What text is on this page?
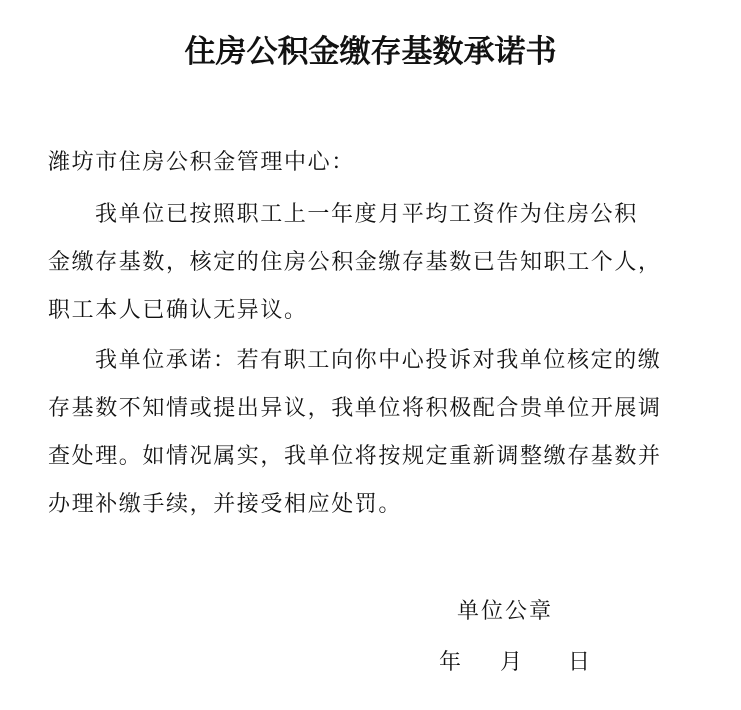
住房公积金缴存基数承诺书

潍坊市住房公积金管理中心：

我单位已按照职工上一年度月平均工资作为住房公积
金缴存基数，核定的住房公积金缴存基数已告知职工个人，
职工本人已确认无异议。
我单位承诺：若有职工向你中心投诉对我单位核定的缴
存基数不知情或提出异议，我单位将积极配合贵单位开展调
查处理。如情况属实，我单位将按规定重新调整缴存基数并
办理补缴手续，并接受相应处罚。

单位公章

年 月 日
